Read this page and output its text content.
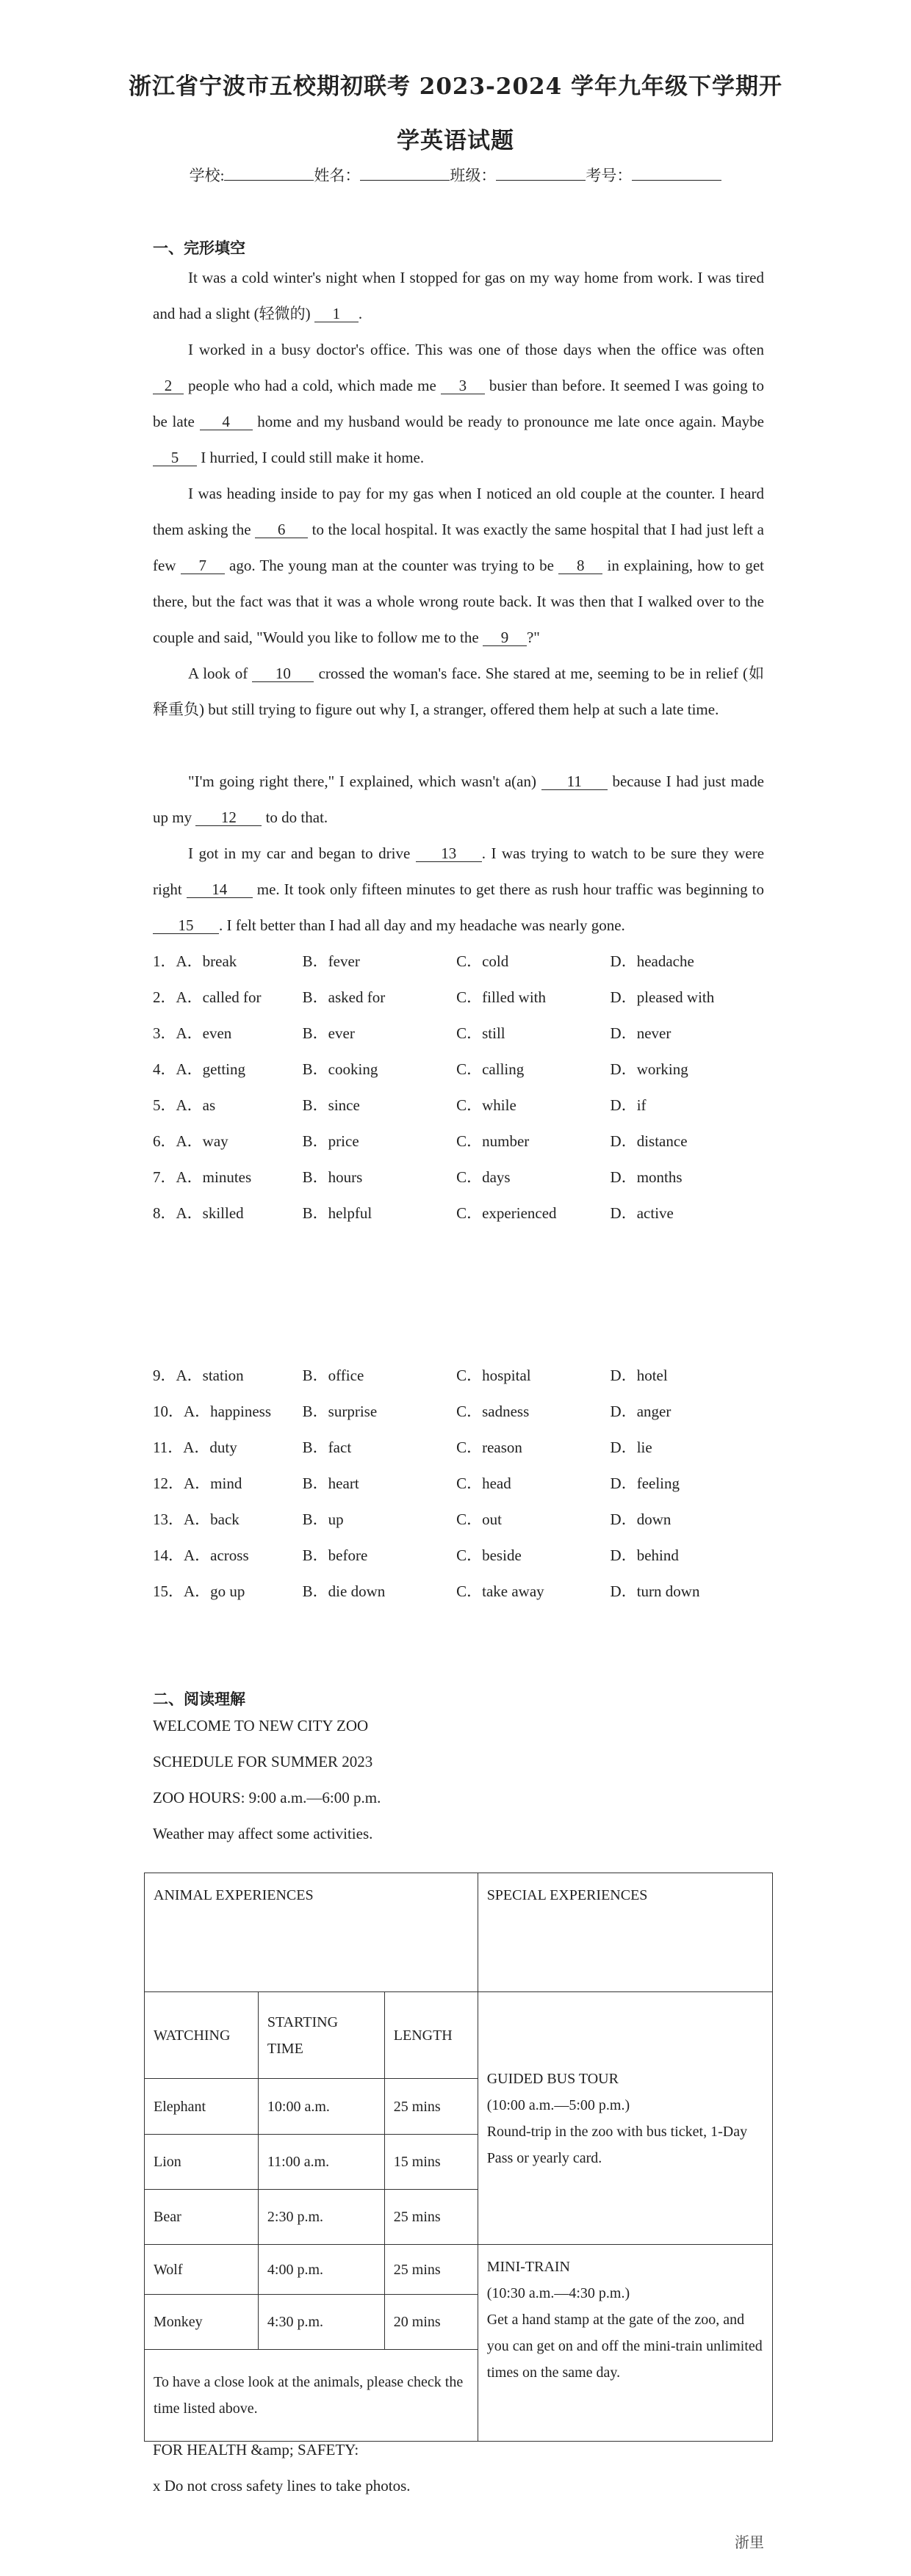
浙江省宁波市五校期初联考 2023-2024 学年九年级下学期开
学英语试题
学校:	姓名：	班级：	考号：
一、完形填空
It was a cold winter's night when I stopped for gas on my way home from work. I was tired and had a slight (轻微的) 1 .
I worked in a busy doctor's office. This was one of those days when the office was often 2 people who had a cold, which made me 3 busier than before. It seemed I was going to be late 4 home and my husband would be ready to pronounce me late once again. Maybe 5 I hurried, I could still make it home.
I was heading inside to pay for my gas when I noticed an old couple at the counter. I heard them asking the 6 to the local hospital. It was exactly the same hospital that I had just left a few 7 ago. The young man at the counter was trying to be 8 in explaining, how to get there, but the fact was that it was a whole wrong route back. It was then that I walked over to the couple and said, "Would you like to follow me to the 9 ?"
A look of 10 crossed the woman's face. She stared at me, seeming to be in relief (如释重负) but still trying to figure out why I, a stranger, offered them help at such a late time.
"I'm going right there," I explained, which wasn't a(an) 11 because I had just made up my 12 to do that.
I got in my car and began to drive 13 . I was trying to watch to be sure they were right 14 me. It took only fifteen minutes to get there as rush hour traffic was beginning to 15 . I felt better than I had all day and my headache was nearly gone.
1．A．break	B．fever	C．cold	D．headache
2．A．called for	B．asked for	C．filled with	D．pleased with
3．A．even	B．ever	C．still	D．never
4．A．getting	B．cooking	C．calling	D．working
5．A．as	B．since	C．while	D．if
6．A．way	B．price	C．number	D．distance
7．A．minutes	B．hours	C．days	D．months
8．A．skilled	B．helpful	C．experienced	D．active
9．A．station	B．office	C．hospital	D．hotel
10．A．happiness	B．surprise	C．sadness	D．anger
11．A．duty	B．fact	C．reason	D．lie
12．A．mind	B．heart	C．head	D．feeling
13．A．back	B．up	C．out	D．down
14．A．across	B．before	C．beside	D．behind
15．A．go up	B．die down	C．take away	D．turn down
二、阅读理解
WELCOME TO NEW CITY ZOO
SCHEDULE FOR SUMMER 2023
ZOO HOURS: 9:00 a.m.—6:00 p.m.
Weather may affect some activities.
ANIMAL EXPERIENCES			SPECIAL EXPERIENCES
WATCHING	STARTING TIME	LENGTH	GUIDED BUS TOUR
(10:00 a.m.—5:00 p.m.)
Round-trip in the zoo with bus ticket, 1-Day Pass or yearly card.

Elephant	10:00 a.m.	25 mins	
Lion	11:00 a.m.	15 mins	
Bear	2:30 p.m.	25 mins	
Wolf	4:00 p.m.	25 mins	MINI-TRAIN
(10:30 a.m.—4:30 p.m.)
Get a hand stamp at the gate of the zoo, and you can get on and off the mini-train unlimited times on the same day.

Monkey	4:30 p.m.	20 mins	
To have a close look at the animals, please check the time listed above.			
FOR HEALTH &amp; SAFETY:
x Do not cross safety lines to take photos.
浙里
